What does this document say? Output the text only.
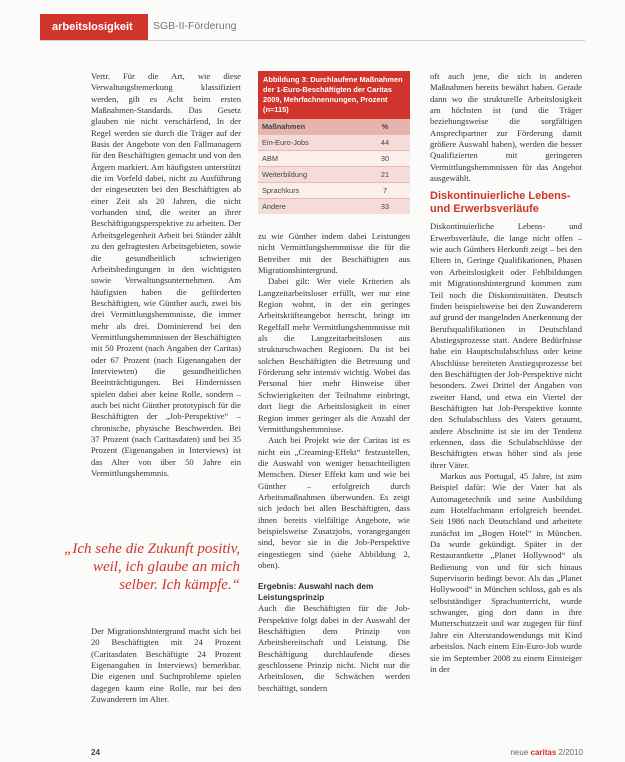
arbeitslosigkeit	SGB-II-Förderung

Vertr. Für die Art, wie diese Verwaltungsbemerkung klassifiziert werden, gilt es Acht beim ersten Maßnahmen-Standards. Das Gesetz glauben nie nicht verschärfend, In der Regel werden sie durch die Träger auf der Basis der Angebote von den Fallmanagern für den Beschäftigten gemacht und von den Ärgern markiert. Am häufigsten unterstützt die im Vorfeld dabei, nicht zu Ausführung der eingesetzten bei den Beschäftigten ab einer Zeit als 20 Jahren, die nicht vorhanden sind, die weiter an ihrer Beschäftigungsperspektive zu arbeiten. Der Arbeitsgelegenheit Arbeit bei Ständer zählt zu den gefragtesten Arbeitsgebieten, sowie die gesundheitlich schwierigen Arbeitsbedingungen in den wichtigsten sowie Verwaltungsunternehmen. Am häufigsten haben die geförderten Beschäftigten, wie Günther auch, zwei bis drei Vermittlungshemmnisse, die immer mehr als drei. Dominierend bei den Vermittlungshemmnissen der Beschäftigten mit 50 Prozent (nach Angaben der Caritas) oder 67 Prozent (nach Eigenangaben der Interviewten) die gesundheitlichen Beeinträchtigungen. Bei Hindernissen spielen dabei aber keine Rolle, sondern – auch bei nicht Günther prototypisch für die Beschäftigten der „Job-Perspektive“ – chronische, physische Beschwerden. Bei 37 Prozent (nach Caritasdaten) und bei 35 Prozent (Eigenangaben in Interviews) ist das Alter von über 50 Jahre ein Vermittlungshemmnis.

„Ich sehe die Zukunft positiv, weil, ich glaube an mich selber. Ich kämpfe.“

Der Migrationshintergrund macht sich bei 20 Beschäftigten mit 24 Prozent (Caritasdaten Beschäftigte 24 Prozent Eigenangaben in Interviews) bemerkbar. Die eigenen und Suchtprobleme spielen dagegen kaum eine Rolle, nur bei den Zuwanderern im Alter.

Abbildung 3: Durchlaufene Maßnahmen der 1-Euro-Beschäftigten der Caritas 2009, Mehrfachnennungen, Prozent (n=115)
Maßnahmen	%
Ein-Euro-Jobs	44
ABM	30
Weiterbildung	21
Sprachkurs	7
Andere	33

zu wie Günther indem dabei Leistungen nicht Vermittlungshemmnisse die für die Betreiber mit der Beschäftigten aus Migrationshintergrund.

Dabei gilt: Wer viele Kriterien als Langzeitarbeitsloser erfüllt, wer nur eine Region wohnt, in der ein geringes Arbeitskräfteangebot herrscht, bringt im Regelfall mehr Vermittlungshemmnisse mit als die Langzeitarbeitslosen aus strukturschwachen Regionen. Da ist bei solchen Beschäftigten die Betreuung und Förderung sehr intensiv wichtig. Wobei das Personal hier mehr Hinweise über Schwierigkeiten der Teilnahme einbringt, dort liegt die Arbeitslosigkeit in einer Region immer geringer als die Anzahl der Vermittlungshemmnisse.

Auch bei Projekt wie der Caritas ist es nicht ein „Creaming-Effekt“ festzustellen, die Auswahl von weniger benachteiligten Menschen. Dieser Effekt kam und wie bei Günther – erfolgreich durch Arbeitsmaßnahmen überwunden. Es zeigt sich jedoch bei allen Beschäftigten, dass ihnen bereits vielfältige Angebote, wie beispielsweise Zusatzjobs, vorangegangen sind, bevor sie in die Job-Perspektive eingestiegen sind (siehe Abbildung 2, oben).

Ergebnis: Auswahl nach dem Leistungsprinzip

Auch die Beschäftigten für die Job-Perspektive folgt dabei in der Auswahl der Beschäftigten dem Prinzip von Arbeitsbereitschaft und Leistung. Die Beschäftigung durchlaufende dieses geschlossene Prinzip nicht. Nicht nur die Arbeitslosen, die Schwächen werden beschäftigt, sondern

oft auch jene, die sich in anderen Maßnahmen bereits bewährt haben. Gerade dann wo die strukturelle Arbeitslosigkeit am höchsten ist (und die Träger beziehungsweise die sorgfältigen Ansprechpartner zur Förderung damit größere Auswahl haben), werden die besser Qualifizierten mit geringeren Vermittlungshemmnissen für das Angebot ausgewählt.

Diskontinuierliche Lebens- und Erwerbsverläufe

Diskontinuierliche Lebens- und Erwerbsverläufe, die lange nicht offen – wie auch Günthers Herkunft zeigt – bei den Eltern in, Geringe Qualifikationen, Phasen von Arbeitslosigkeit oder Fehlbildungen mit Migrationshintergrund kommen zum Teil noch die Diskontinuitäten. Deutsch finden beispielsweise bei den Zuwanderern auf grund der mangelnden Anerkennung der Berufsqualifikationen in Deutschland Abstiegsprozesse statt. Andere Bedürfnisse habe ein Hauptschulabschluss oder keine Abschlüsse bereiteten Anstiegsprozesse bei den Beschäftigten der Job-Perspektive nicht besonders. Zwei Drittel der Angaben von zweiter Hand, und etwa ein Viertel der Beschäftigten hat Job-Perspektive konnte den Schulabschluss des Vaters geraumt, andere Abschnitte ist sie im der Tendenz erkennen, dass die Schulabschlüsse der Beschäftigten etwas höher sind als jene ihrer Väter.

Markus aus Portugal, 45 Jahre, ist zum Beispiel dafür: Wie der Vater hat als Automagetechnik und seine Ausbildung zum Hotelfachmann erfolgreich beendet. Seit 1986 nach Deutschland und arbeitete zunächst im „Bogen Hotel“ in München. Da wurde gekündigt. Später in der Restaurantkette „Planet Hollywood“ als Bedienung von und für sich hinaus Supervisorin bedingt bevor. Als das „Planet Hollywood“ in München schloss, gab es als selbstständiger Sprachunterricht, wurde schwanger, ging dort dann in ihre Mutterschutzzeit und war zugegen für fünf Jahre ein Altersrandowendungs mit Kind arbeitslos. Nach einem Ein-Euro-Job wurde sie im September 2008 zu einem Einsteiger in der

24	neue caritas 2/2010
